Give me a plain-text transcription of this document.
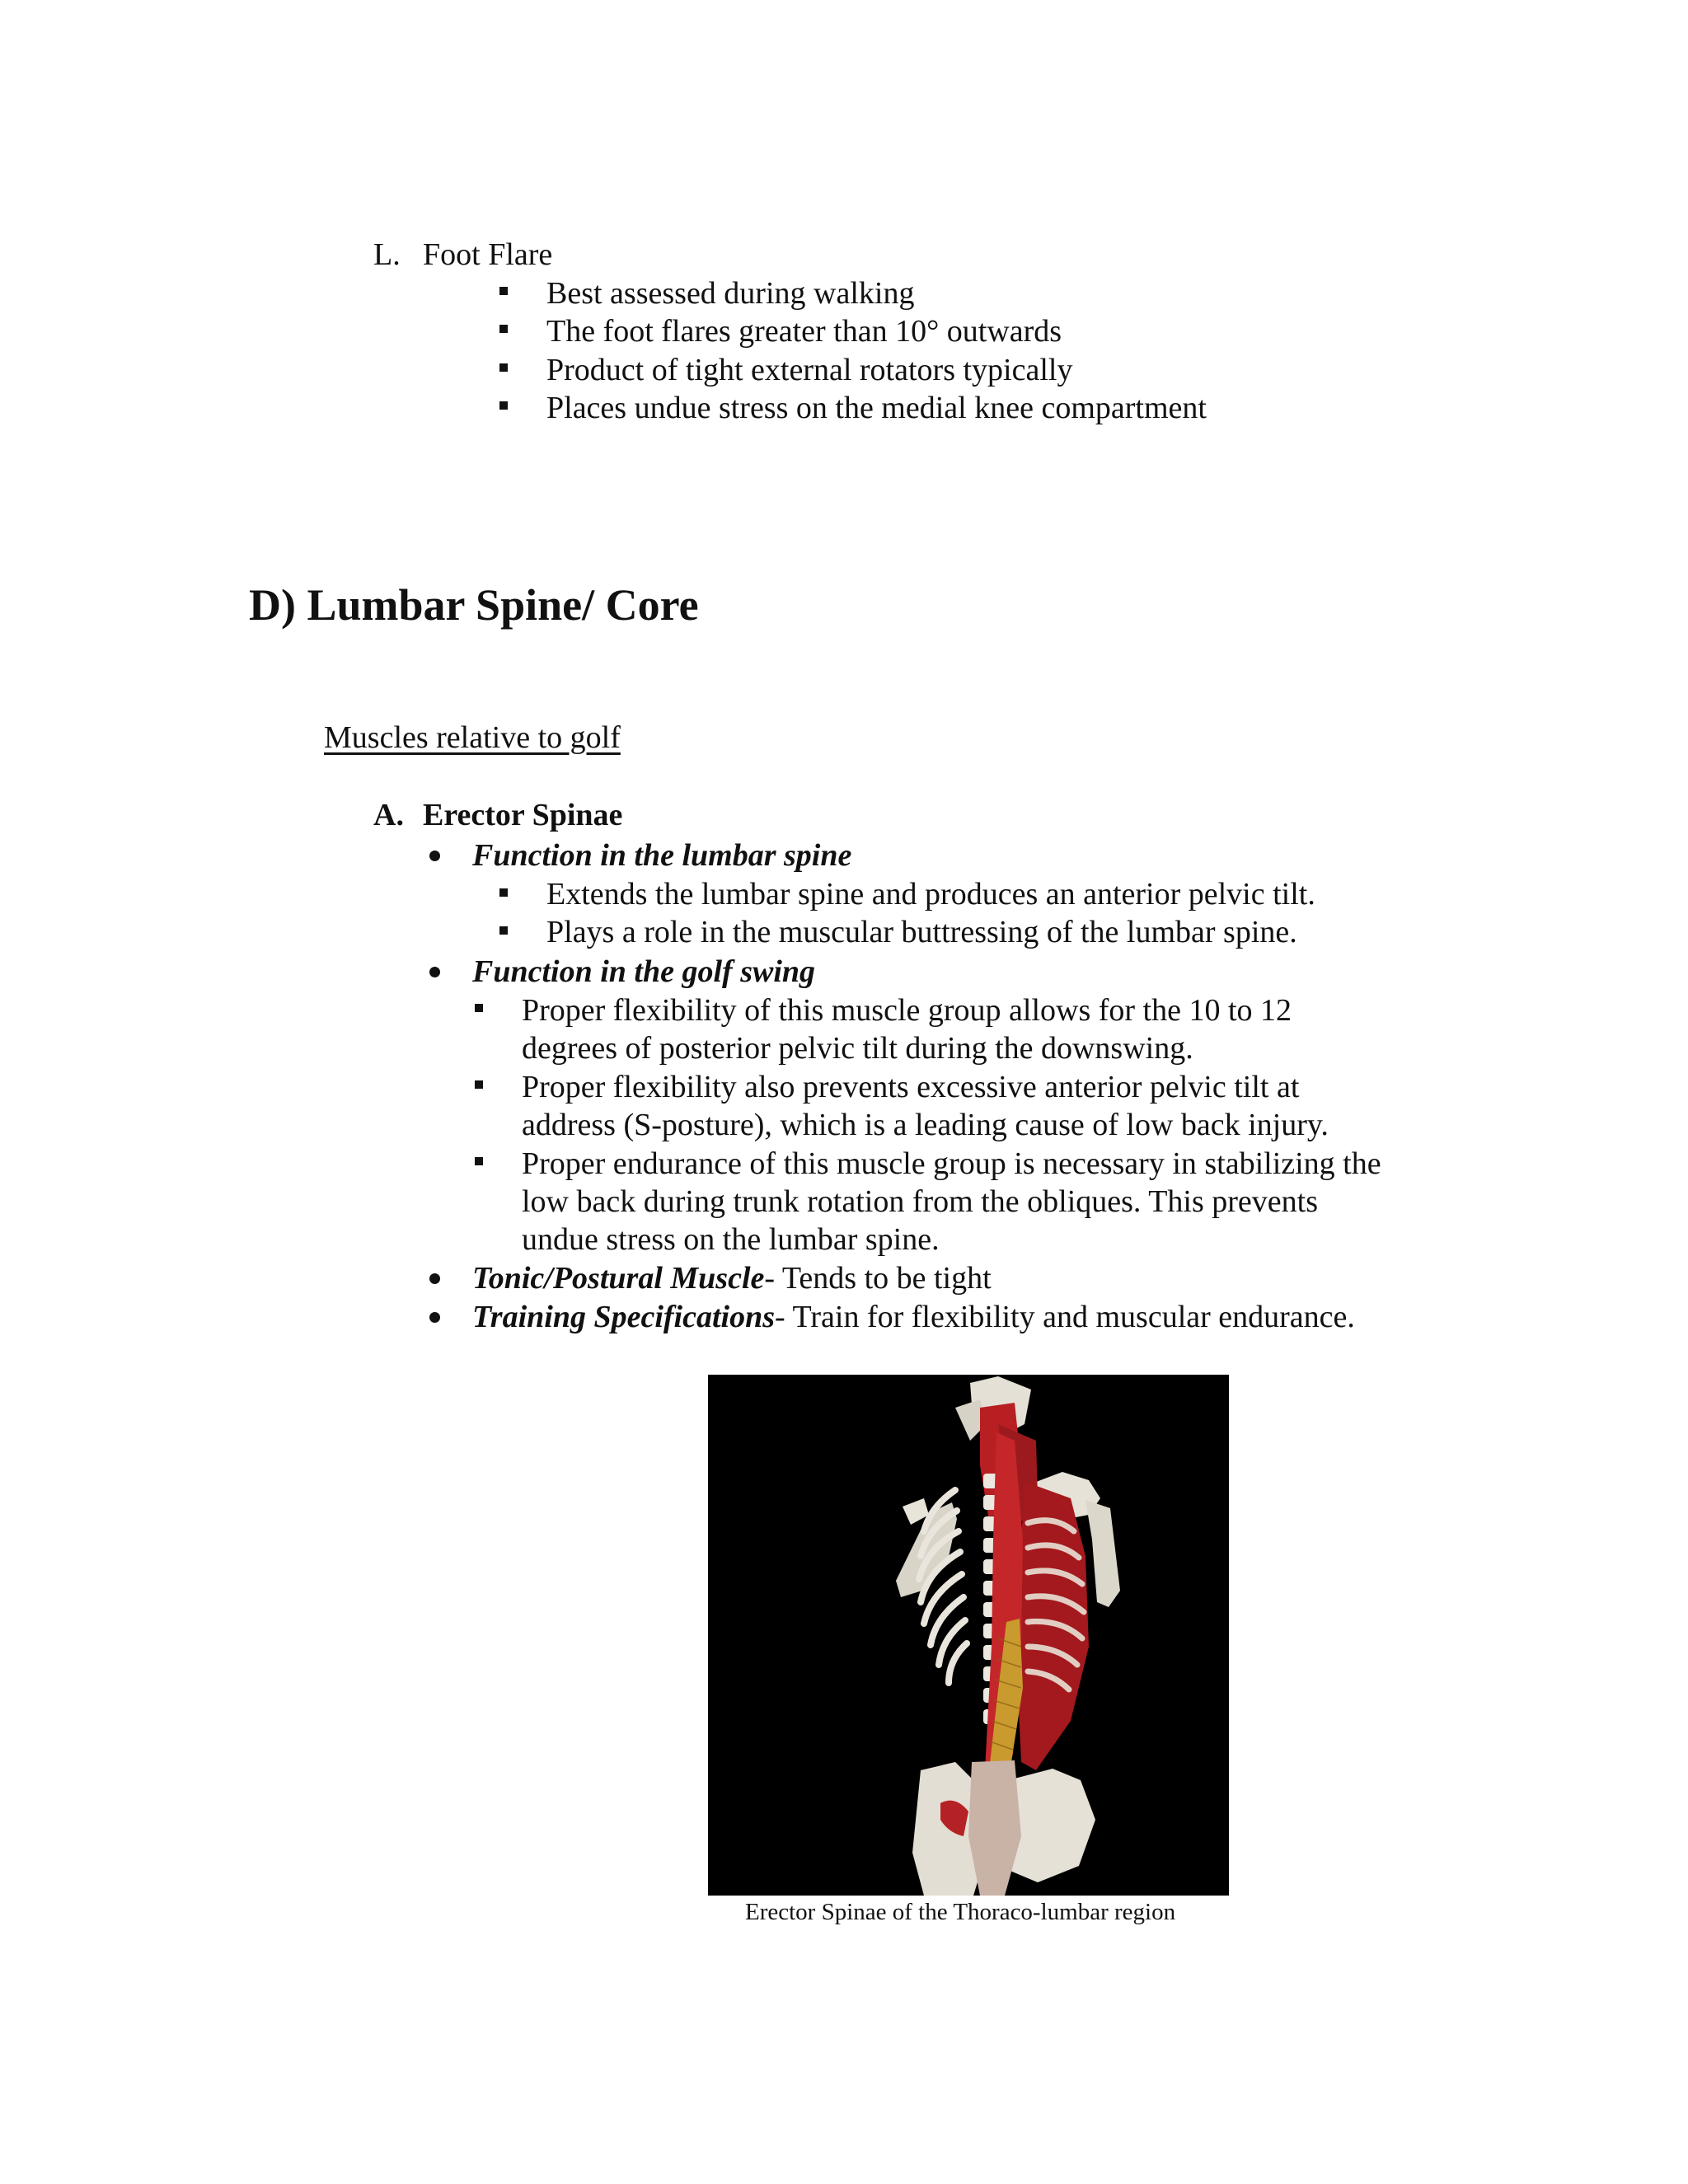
L. Foot Flare
Best assessed during walking
The foot flares greater than 10° outwards
Product of tight external rotators typically
Places undue stress on the medial knee compartment
D) Lumbar Spine/ Core
Muscles relative to golf
A. Erector Spinae
Function in the lumbar spine
Extends the lumbar spine and produces an anterior pelvic tilt.
Plays a role in the muscular buttressing of the lumbar spine.
Function in the golf swing
Proper flexibility of this muscle group allows for the 10 to 12
degrees of posterior pelvic tilt during the downswing.
Proper flexibility also prevents excessive anterior pelvic tilt at
address (S-posture), which is a leading cause of low back injury.
Proper endurance of this muscle group is necessary in stabilizing the
low back during trunk rotation from the obliques. This prevents
undue stress on the lumbar spine.
Tonic/Postural Muscle- Tends to be tight
Training Specifications- Train for flexibility and muscular endurance.
Erector Spinae of the Thoraco-lumbar region
